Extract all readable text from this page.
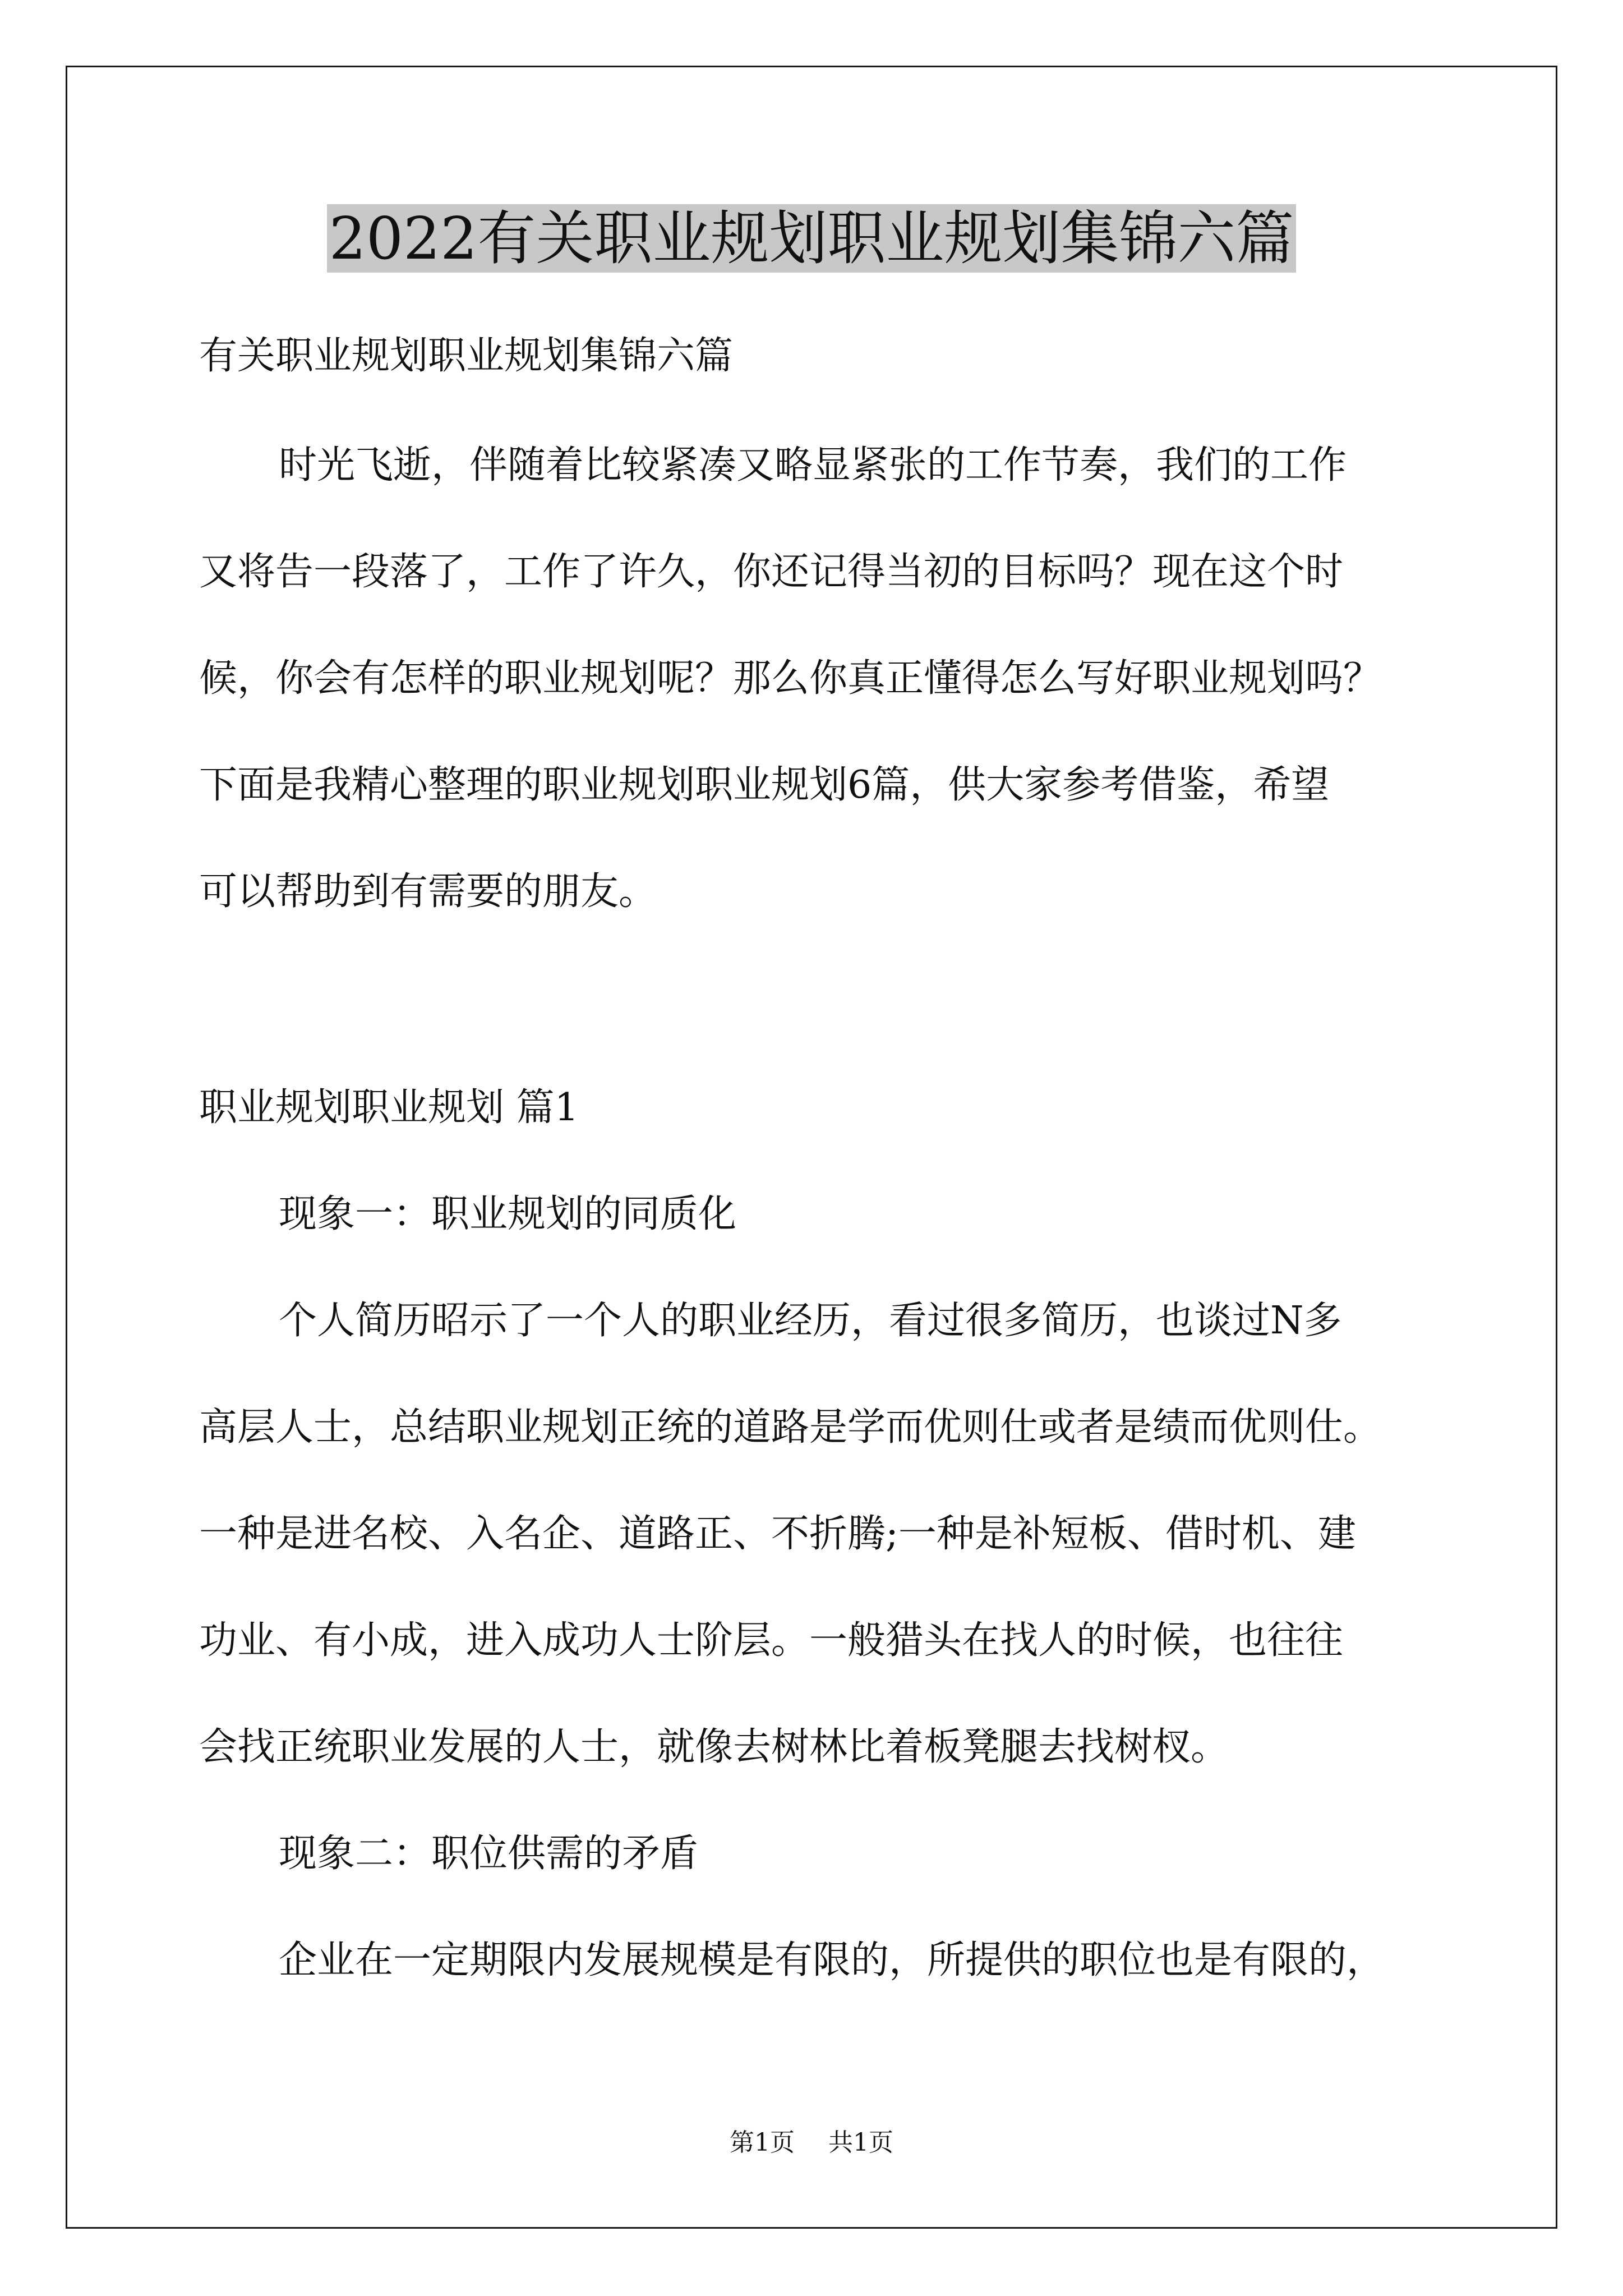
2022有关职业规划职业规划集锦六篇
有关职业规划职业规划集锦六篇
时光飞逝，伴随着比较紧凑又略显紧张的工作节奏，我们的工作
又将告一段落了，工作了许久，你还记得当初的目标吗？现在这个时
候，你会有怎样的职业规划呢？那么你真正懂得怎么写好职业规划吗？
下面是我精心整理的职业规划职业规划6篇，供大家参考借鉴，希望
可以帮助到有需要的朋友。
职业规划职业规划 篇1
现象一：职业规划的同质化
个人简历昭示了一个人的职业经历，看过很多简历，也谈过N多
高层人士，总结职业规划正统的道路是学而优则仕或者是绩而优则仕。
一种是进名校、入名企、道路正、不折腾;一种是补短板、借时机、建
功业、有小成，进入成功人士阶层。一般猎头在找人的时候，也往往
会找正统职业发展的人士，就像去树林比着板凳腿去找树杈。
现象二：职位供需的矛盾
企业在一定期限内发展规模是有限的，所提供的职位也是有限的，
第1页 共1页
